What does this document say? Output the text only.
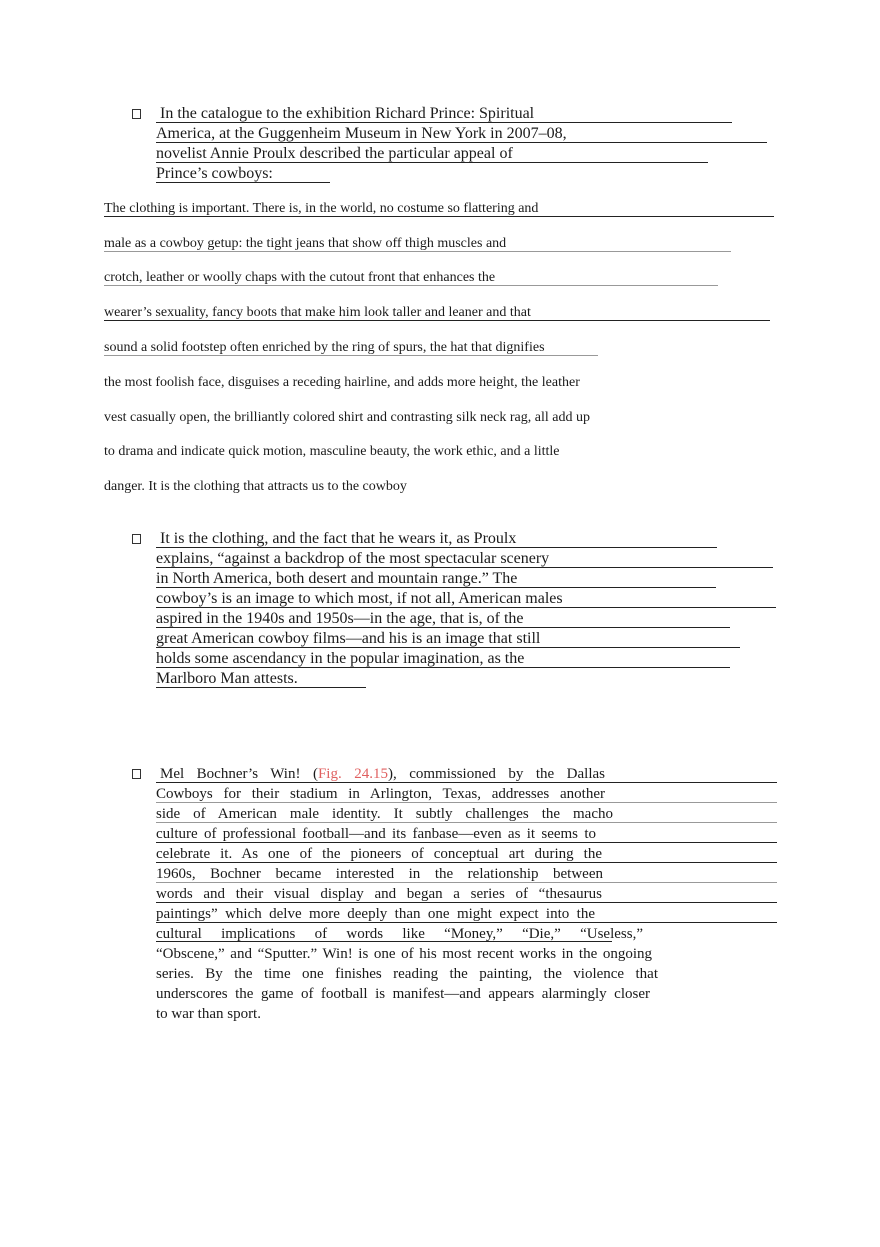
In the catalogue to the exhibition Richard Prince: Spiritual
America, at the Guggenheim Museum in New York in 2007–08,
novelist Annie Proulx described the particular appeal of
Prince’s cowboys:
The clothing is important. There is, in the world, no costume so flattering and
male as a cowboy getup: the tight jeans that show off thigh muscles and
crotch, leather or woolly chaps with the cutout front that enhances the
wearer’s sexuality, fancy boots that make him look taller and leaner and that
sound a solid footstep often enriched by the ring of spurs, the hat that dignifies
the most foolish face, disguises a receding hairline, and adds more height, the leather
vest casually open, the brilliantly colored shirt and contrasting silk neck rag, all add up
to drama and indicate quick motion, masculine beauty, the work ethic, and a little
danger. It is the clothing that attracts us to the cowboy
It is the clothing, and the fact that he wears it, as Proulx
explains, “against a backdrop of the most spectacular scenery
in North America, both desert and mountain range.” The
cowboy’s is an image to which most, if not all, American males
aspired in the 1940s and 1950s—in the age, that is, of the
great American cowboy films—and his is an image that still
holds some ascendancy in the popular imagination, as the
Marlboro Man attests.
Mel Bochner’s Win! (Fig. 24.15), commissioned by the Dallas
Cowboys for their stadium in Arlington, Texas, addresses another
side of American male identity. It subtly challenges the macho
culture of professional football—and its fanbase—even as it seems to
celebrate it. As one of the pioneers of conceptual art during the
1960s, Bochner became interested in the relationship between
words and their visual display and began a series of “thesaurus
paintings” which delve more deeply than one might expect into the
cultural implications of words like “Money,” “Die,” “Useless,”
“Obscene,” and “Sputter.” Win! is one of his most recent works in the ongoing
series. By the time one finishes reading the painting, the violence that
underscores the game of football is manifest—and appears alarmingly closer
to war than sport.
